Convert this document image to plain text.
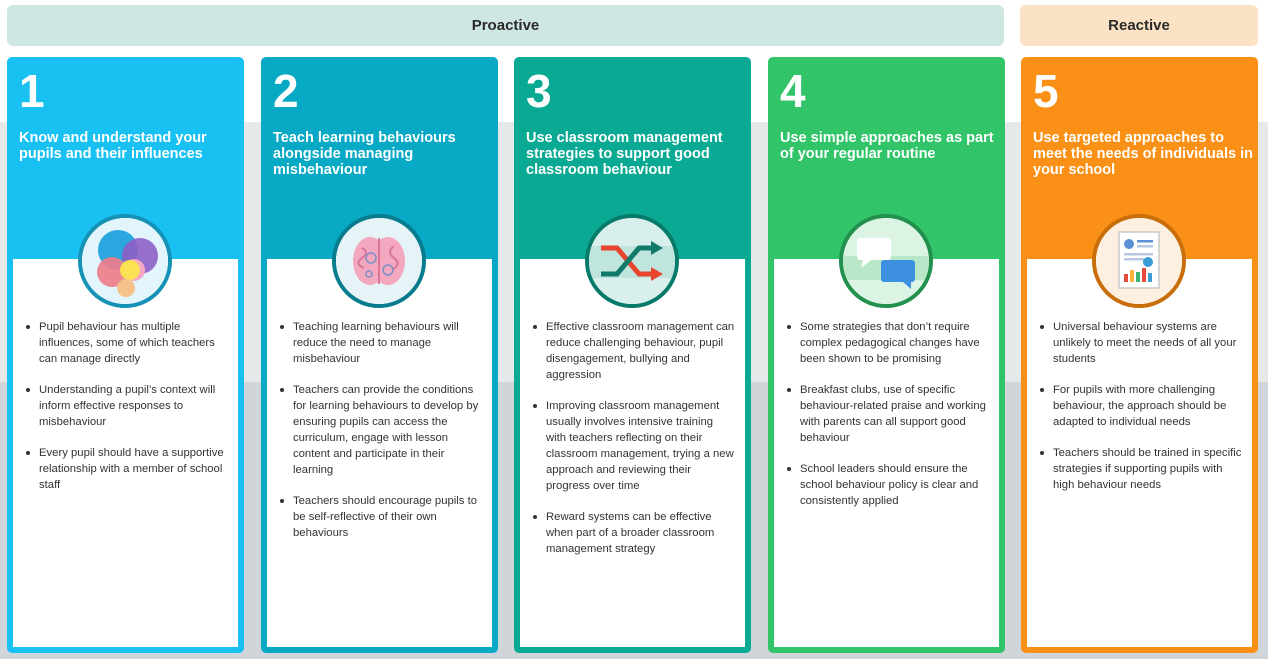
Proactive	Reactive
1
Know and understand your pupils and their influences
Pupil behaviour has multiple influences, some of which teachers can manage directly
Understanding a pupil’s context will inform effective responses to misbehaviour
Every pupil should have a supportive relationship with a member of school staff
2
Teach learning behaviours alongside managing misbehaviour
Teaching learning behaviours will reduce the need to manage misbehaviour
Teachers can provide the conditions for learning behaviours to develop by ensuring pupils can access the curriculum, engage with lesson content and participate in their learning
Teachers should encourage pupils to be self-reflective of their own behaviours
3
Use classroom management strategies to support good classroom behaviour
Effective classroom management can reduce challenging behaviour, pupil disengagement, bullying and aggression
Improving classroom management usually involves intensive training with teachers reflecting on their classroom management, trying a new approach and reviewing their progress over time
Reward systems can be effective when part of a broader classroom management strategy
4
Use simple approaches as part of your regular routine
Some strategies that don’t require complex pedagogical changes have been shown to be promising
Breakfast clubs, use of specific behaviour-related praise and working with parents can all support good behaviour
School leaders should ensure the school behaviour policy is clear and consistently applied
5
Use targeted approaches to meet the needs of individuals in your school
Universal behaviour systems are unlikely to meet the needs of all your students
For pupils with more challenging behaviour, the approach should be adapted to individual needs
Teachers should be trained in specific strategies if supporting pupils with high behaviour needs
